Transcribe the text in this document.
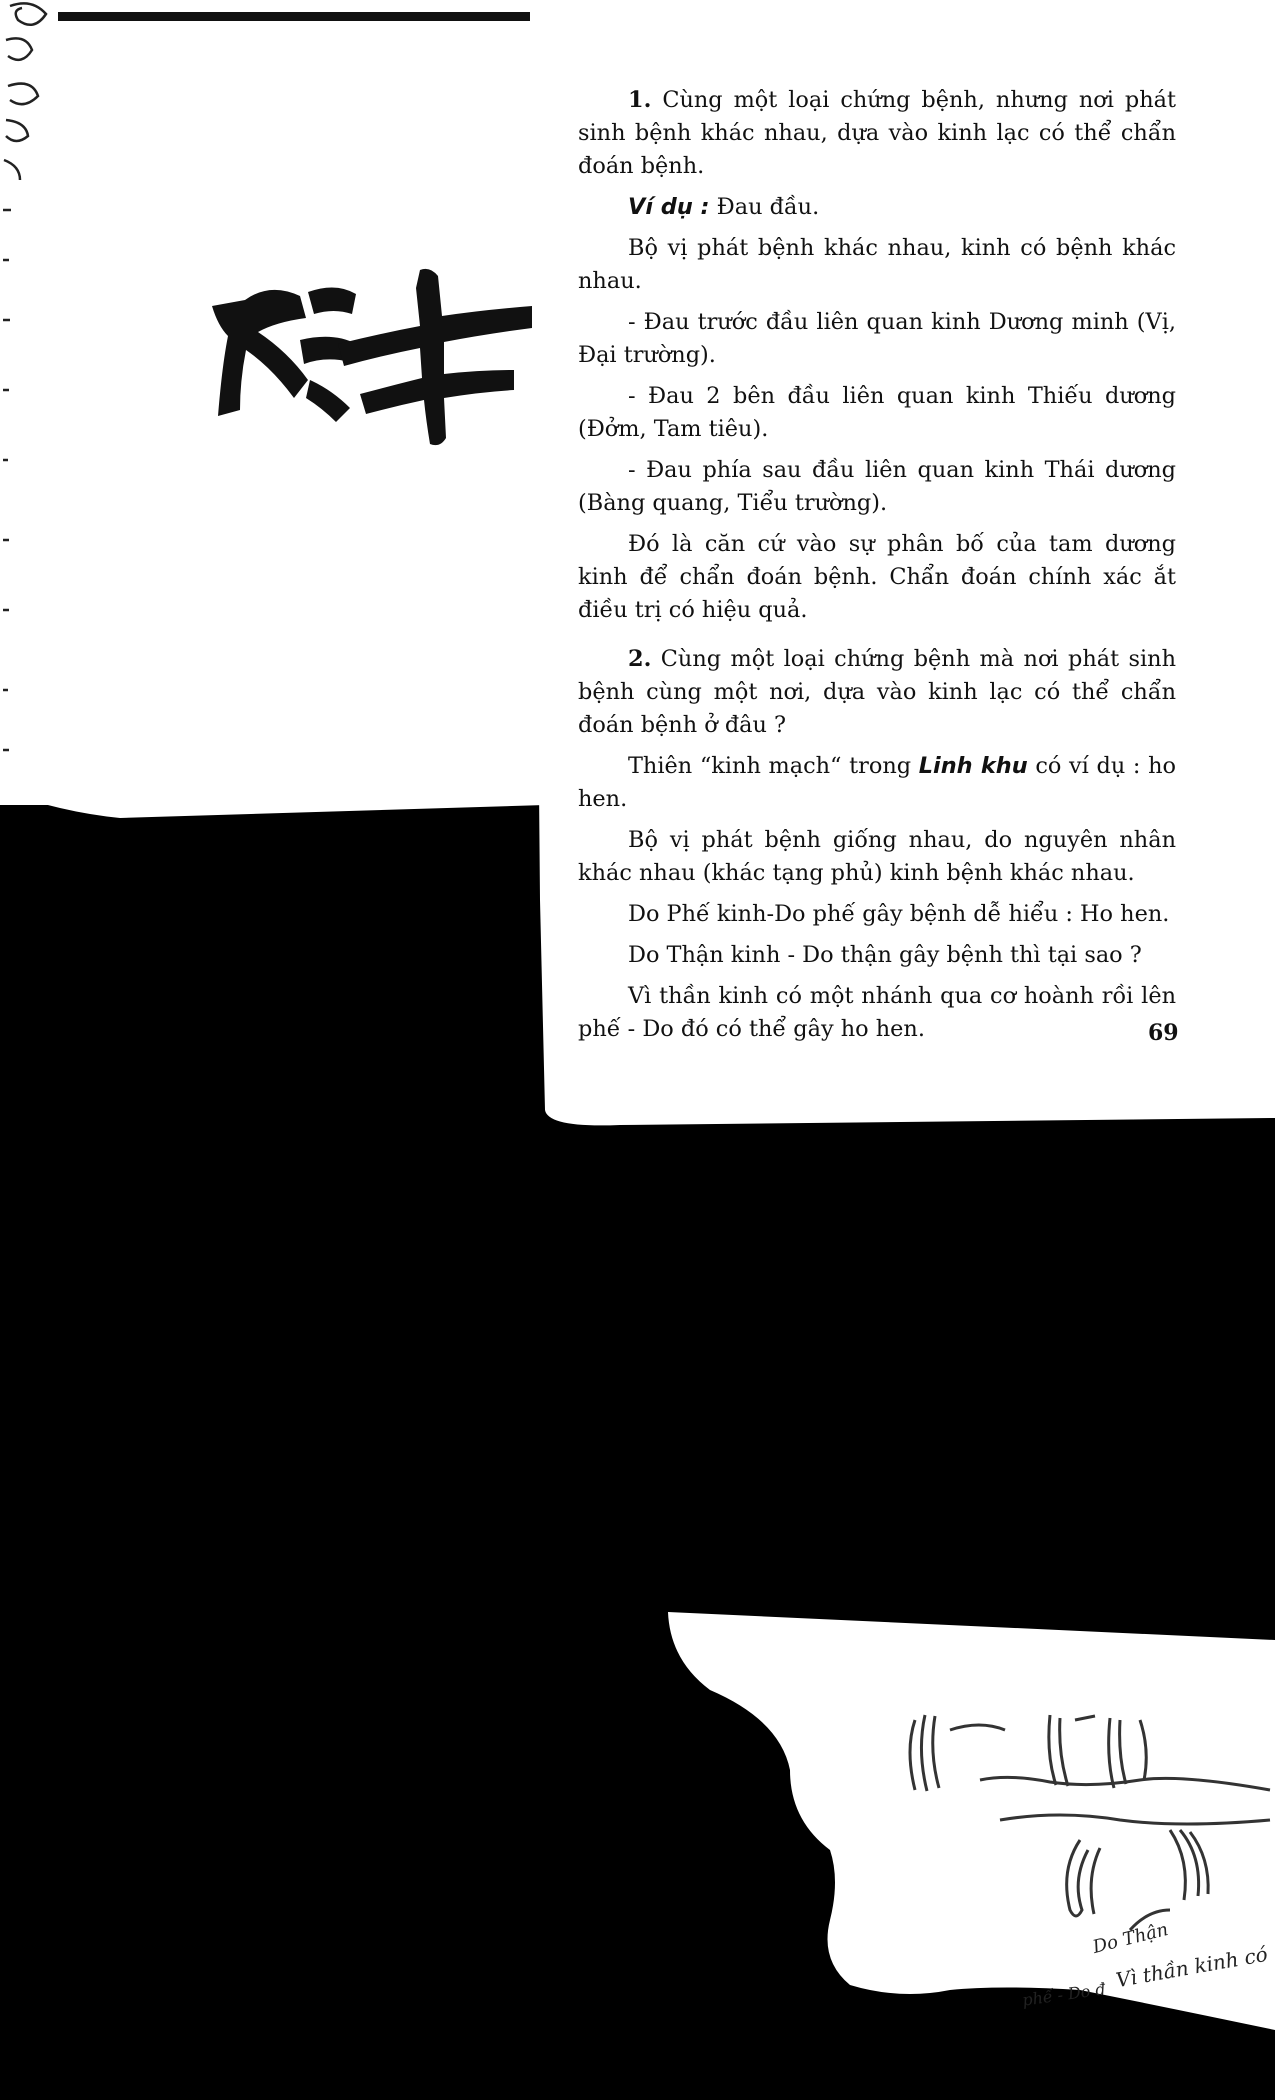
1. Cùng một loại chứng bệnh, nhưng nơi phát sinh bệnh khác nhau, dựa vào kinh lạc có thể chẩn đoán bệnh.

Ví dụ : Đau đầu.

Bộ vị phát bệnh khác nhau, kinh có bệnh khác nhau.

- Đau trước đầu liên quan kinh Dương minh (Vị, Đại trường).

- Đau 2 bên đầu liên quan kinh Thiếu dương (Đởm, Tam tiêu).

- Đau phía sau đầu liên quan kinh Thái dương (Bàng quang, Tiểu trường).

Đó là căn cứ vào sự phân bố của tam dương kinh để chẩn đoán bệnh. Chẩn đoán chính xác ắt điều trị có hiệu quả.

2. Cùng một loại chứng bệnh mà nơi phát sinh bệnh cùng một nơi, dựa vào kinh lạc có thể chẩn đoán bệnh ở đâu ?

Thiên “kinh mạch“ trong Linh khu có ví dụ : ho hen.

Bộ vị phát bệnh giống nhau, do nguyên nhân khác nhau (khác tạng phủ) kinh bệnh khác nhau.

Do Phế kinh-Do phế gây bệnh dễ hiểu : Ho hen.

Do Thận kinh - Do thận gây bệnh thì tại sao ?

Vì thần kinh có một nhánh qua cơ hoành rồi lên phế - Do đó có thể gây ho hen.	69
Do Thận
Vì thần kinh có
phế - Do đ
